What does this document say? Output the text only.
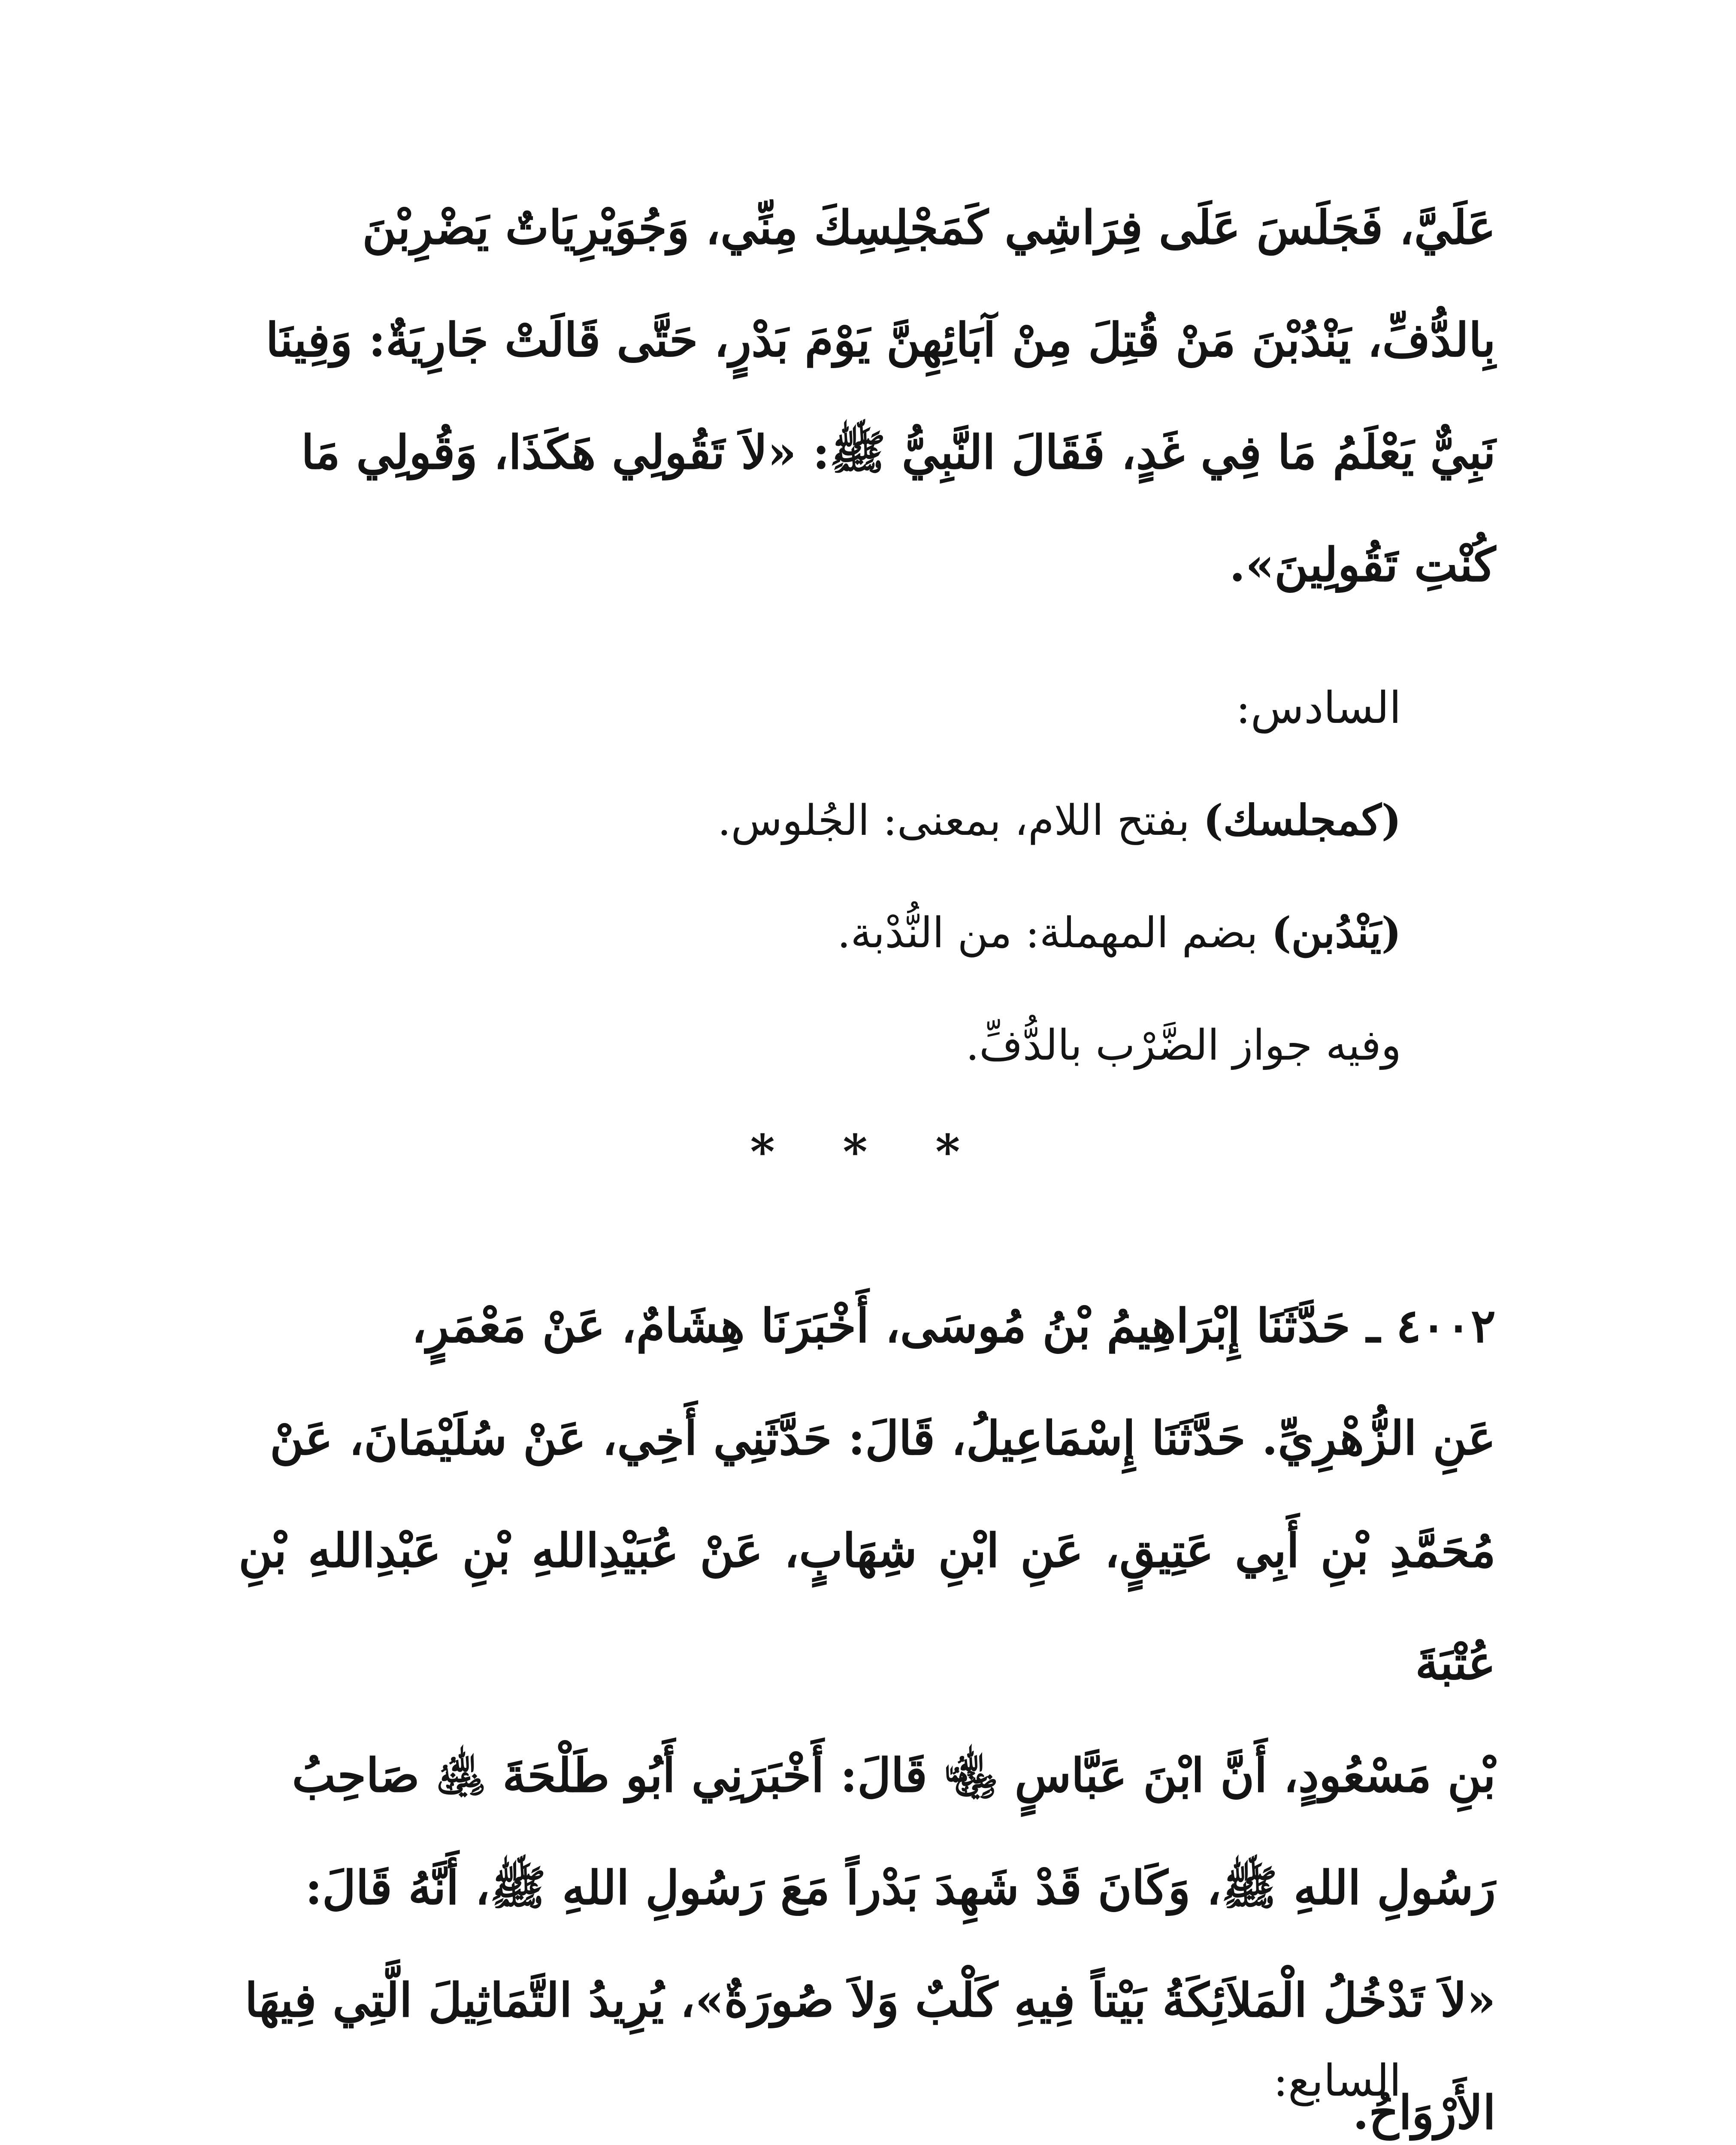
عَلَيَّ، فَجَلَسَ عَلَى فِرَاشِي كَمَجْلِسِكَ مِنِّي، وَجُوَيْرِيَاتٌ يَضْرِبْنَ
بِالدُّفِّ، يَنْدُبْنَ مَنْ قُتِلَ مِنْ آبَائِهِنَّ يَوْمَ بَدْرٍ، حَتَّى قَالَتْ جَارِيَةٌ: وَفِينَا
نَبِيٌّ يَعْلَمُ مَا فِي غَدٍ، فَقَالَ النَّبِيُّ ﷺ: «لاَ تَقُولِي هَكَذَا، وَقُولِي مَا
كُنْتِ تَقُولِينَ».
السادس:
(كمجلسك) بفتح اللام، بمعنى: الجُلوس.
(يَنْدُبن) بضم المهملة: من النُّدْبة.
وفيه جواز الضَّرْب بالدُّفِّ.
* * *
٤٠٠٢ ـ حَدَّثَنَا إِبْرَاهِيمُ بْنُ مُوسَى، أَخْبَرَنَا هِشَامٌ، عَنْ مَعْمَرٍ،
عَنِ الزُّهْرِيِّ. حَدَّثَنَا إِسْمَاعِيلُ، قَالَ: حَدَّثَنِي أَخِي، عَنْ سُلَيْمَانَ، عَنْ
مُحَمَّدِ بْنِ أَبِي عَتِيقٍ، عَنِ ابْنِ شِهَابٍ، عَنْ عُبَيْدِاللهِ بْنِ عَبْدِاللهِ بْنِ عُتْبَةَ
بْنِ مَسْعُودٍ، أَنَّ ابْنَ عَبَّاسٍ ﵄ قَالَ: أَخْبَرَنِي أَبُو طَلْحَةَ ﵁ صَاحِبُ
رَسُولِ اللهِ ﷺ، وَكَانَ قَدْ شَهِدَ بَدْراً مَعَ رَسُولِ اللهِ ﷺ، أَنَّهُ قَالَ:
«لاَ تَدْخُلُ الْمَلاَئِكَةُ بَيْتاً فِيهِ كَلْبٌ وَلاَ صُورَةٌ»، يُرِيدُ التَّمَاثِيلَ الَّتِي فِيهَا
الأَرْوَاحُ.
السابع:
